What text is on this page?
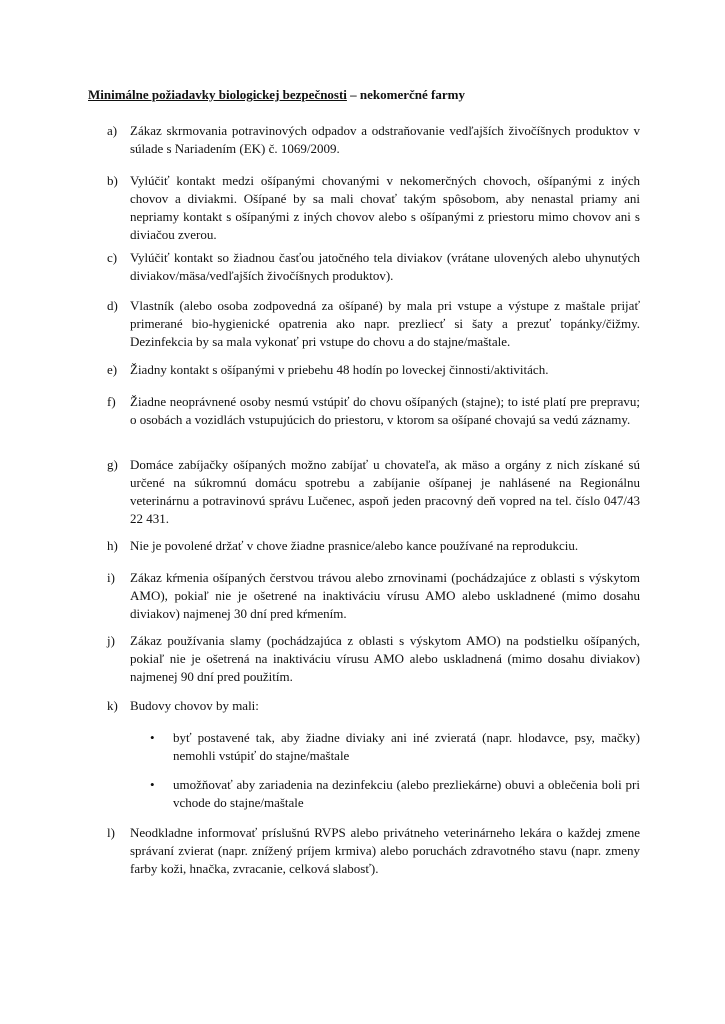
Minimálne požiadavky biologickej bezpečnosti – nekomerčné farmy
a) Zákaz skrmovania potravinových odpadov a odstraňovanie vedľajších živočíšnych produktov v súlade s Nariadením (EK) č. 1069/2009.
b) Vylúčiť kontakt medzi ošípanými chovanými v nekomerčných chovoch, ošípanými z iných chovov a diviakmi. Ošípané by sa mali chovať takým spôsobom, aby nenastal priamy ani nepriamy kontakt s ošípanými z iných chovov alebo s ošípanými z priestoru mimo chovov ani s diviačou zverou.
c) Vylúčiť kontakt so žiadnou časťou jatočného tela diviakov (vrátane ulovených alebo uhynutých diviakov/mäsa/vedľajších živočíšnych produktov).
d) Vlastník (alebo osoba zodpovedná za ošípané) by mala pri vstupe a výstupe z maštale prijať primerané bio-hygienické opatrenia ako napr. prezliecť si šaty a prezuť topánky/čižmy. Dezinfekcia by sa mala vykonať pri vstupe do chovu a do stajne/maštale.
e) Žiadny kontakt s ošípanými v priebehu 48 hodín po loveckej činnosti/aktivitách.
f) Žiadne neoprávnené osoby nesmú vstúpiť do chovu ošípaných (stajne); to isté platí pre prepravu; o osobách a vozidlách vstupujúcich do priestoru, v ktorom sa ošípané chovajú sa vedú záznamy.
g) Domáce zabíjačky ošípaných možno zabíjať u chovateľa, ak mäso a orgány z nich získané sú určené na súkromnú domácu spotrebu a zabíjanie ošípanej je nahlásené na Regionálnu veterinárnu a potravinovú správu Lučenec, aspoň jeden pracovný deň vopred na tel. číslo 047/43 22 431.
h) Nie je povolené držať v chove žiadne prasnice/alebo kance používané na reprodukciu.
i) Zákaz kŕmenia ošípaných čerstvou trávou alebo zrnovinami (pochádzajúce z oblasti s výskytom AMO), pokiaľ nie je ošetrené na inaktiváciu vírusu AMO alebo uskladnené (mimo dosahu diviakov) najmenej 30 dní pred kŕmením.
j) Zákaz používania slamy (pochádzajúca z oblasti s výskytom AMO) na podstielku ošípaných, pokiaľ nie je ošetrená na inaktiváciu vírusu AMO alebo uskladnená (mimo dosahu diviakov) najmenej 90 dní pred použitím.
k) Budovy chovov by mali:
• byť postavené tak, aby žiadne diviaky ani iné zvieratá (napr. hlodavce, psy, mačky) nemohli vstúpiť do stajne/maštale
• umožňovať aby zariadenia na dezinfekciu (alebo prezliekárne) obuvi a oblečenia boli pri vchode do stajne/maštale
l) Neodkladne informovať príslušnú RVPS alebo privátneho veterinárneho lekára o každej zmene správaní zvierat (napr. znížený príjem krmiva) alebo poruchách zdravotného stavu (napr. zmeny farby koži, hnačka, zvracanie, celková slabosť).
